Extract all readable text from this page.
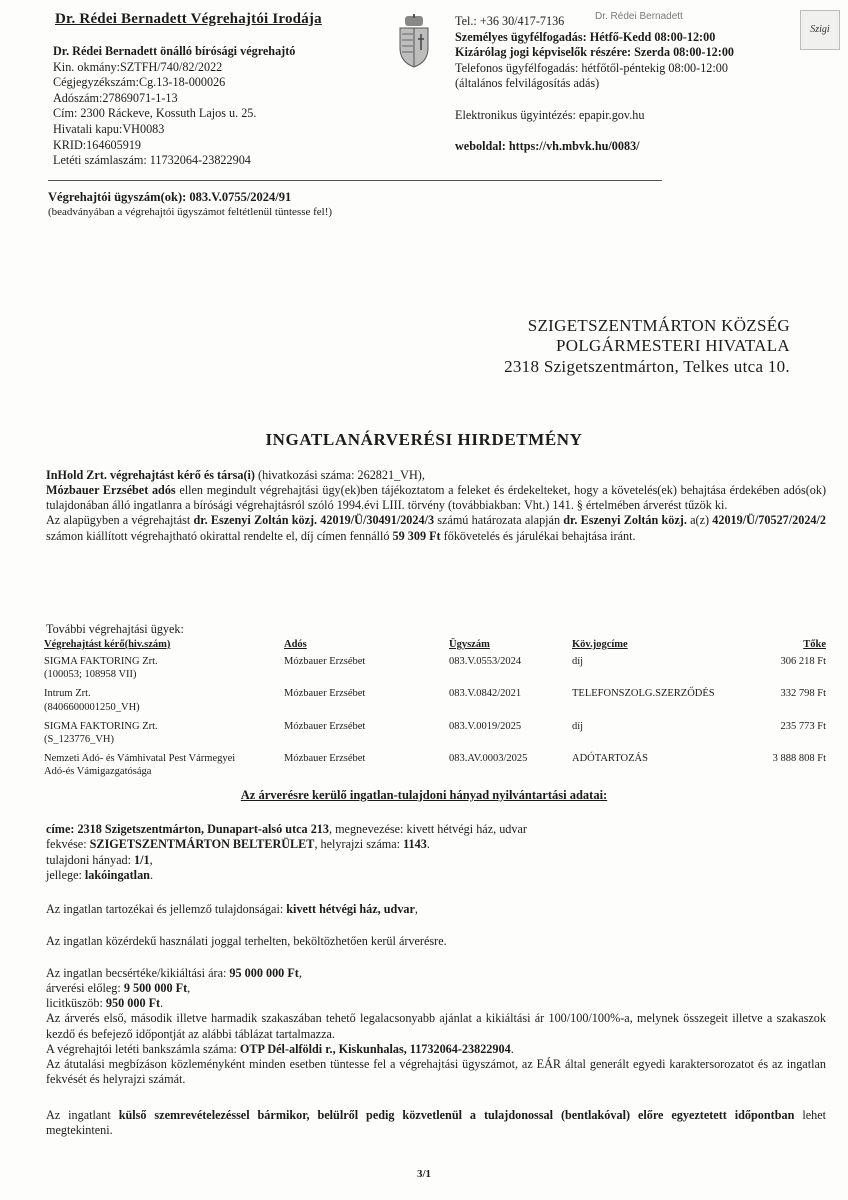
Dr. Rédei Bernadett Végrehajtói Irodája
Dr. Rédei Bernadett önálló bírósági végrehajtó
Kin. okmány:SZTFH/740/82/2022
Cégjegyzékszám:Cg.13-18-000026
Adószám:27869071-1-13
Cím: 2300 Ráckeve, Kossuth Lajos u. 25.
Hivatali kapu:VH0083
KRID:164605919
Letéti számlaszám: 11732064-23822904
Tel.: +36 30/417-7136
Személyes ügyfélfogadás: Hétfő-Kedd 08:00-12:00
Kizárólag jogi képviselők részére: Szerda 08:00-12:00
Telefonos ügyfélfogadás: hétfőtől-péntekig 08:00-12:00
(általános felvilágosítás adás)

Elektronikus ügyintézés: epapir.gov.hu

weboldal: https://vh.mbvk.hu/0083/
Dr. Rédei Bernadett
Szigi
Végrehajtói ügyszám(ok): 083.V.0755/2024/91
(beadványában a végrehajtói ügyszámot feltétlenül tüntesse fel!)
SZIGETSZENTMÁRTON KÖZSÉG
POLGÁRMESTERI HIVATALA
2318 Szigetszentmárton, Telkes utca 10.
INGATLANÁRVERÉSI HIRDETMÉNY
InHold Zrt. végrehajtást kérő és társa(i) (hivatkozási száma: 262821_VH),
Mózbauer Erzsébet adós ellen megindult végrehajtási ügy(ek)ben tájékoztatom a feleket és érdekelteket, hogy a követelés(ek) behajtása érdekében adós(ok) tulajdonában álló ingatlanra a bírósági végrehajtásról szóló 1994.évi LIII. törvény (továbbiakban: Vht.) 141. § értelmében árverést tűzök ki.
Az alapügyben a végrehajtást dr. Eszenyi Zoltán közj. 42019/Ü/30491/2024/3 számú határozata alapján dr. Eszenyi Zoltán közj. a(z) 42019/Ü/70527/2024/2 számon kiállított végrehajtható okirattal rendelte el, díj címen fennálló 59 309 Ft főkövetelés és járulékai behajtása iránt.
További végrehajtási ügyek:
Végrehajtást kérő(hiv.szám)	Adós	Ügyszám	Köv.jogcíme	Tőke

SIGMA FAKTORING Zrt.
(100053; 108958 VII)	Mózbauer Erzsébet	083.V.0553/2024	díj	306 218 Ft

Intrum Zrt.
(8406600001250_VH)	Mózbauer Erzsébet	083.V.0842/2021	TELEFONSZOLG.SZERZŐDÉS	332 798 Ft

SIGMA FAKTORING Zrt.
(S_123776_VH)	Mózbauer Erzsébet	083.V.0019/2025	díj	235 773 Ft

Nemzeti Adó- és Vámhivatal Pest Vármegyei
Adó-és Vámigazgatósága	Mózbauer Erzsébet	083.AV.0003/2025	ADÓTARTOZÁS	3 888 808 Ft
Az árverésre kerülő ingatlan-tulajdoni hányad nyilvántartási adatai:
címe: 2318 Szigetszentmárton, Dunapart-alsó utca 213, megnevezése: kivett hétvégi ház, udvar
fekvése: SZIGETSZENTMÁRTON BELTERÜLET, helyrajzi száma: 1143.
tulajdoni hányad: 1/1,
jellege: lakóingatlan.
Az ingatlan tartozékai és jellemző tulajdonságai: kivett hétvégi ház, udvar,
Az ingatlan közérdekű használati joggal terhelten, beköltözhetően kerül árverésre.
Az ingatlan becsértéke/kikiáltási ára: 95 000 000 Ft,
árverési előleg: 9 500 000 Ft,
licitküszöb: 950 000 Ft.
Az árverés első, második illetve harmadik szakaszában tehető legalacsonyabb ajánlat a kikiáltási ár 100/100/100%-a, melynek összegeit illetve a szakaszok kezdő és befejező időpontját az alábbi táblázat tartalmazza.
A végrehajtói letéti bankszámla száma: OTP Dél-alföldi r., Kiskunhalas, 11732064-23822904.
Az átutalási megbízáson közleményként minden esetben tüntesse fel a végrehajtási ügyszámot, az EÁR által generált egyedi karaktersorozatot és az ingatlan fekvését és helyrajzi számát.
Az ingatlant külső szemrevételezéssel bármikor, belülről pedig közvetlenül a tulajdonossal (bentlakóval) előre egyeztetett időpontban lehet megtekinteni.
3/1
